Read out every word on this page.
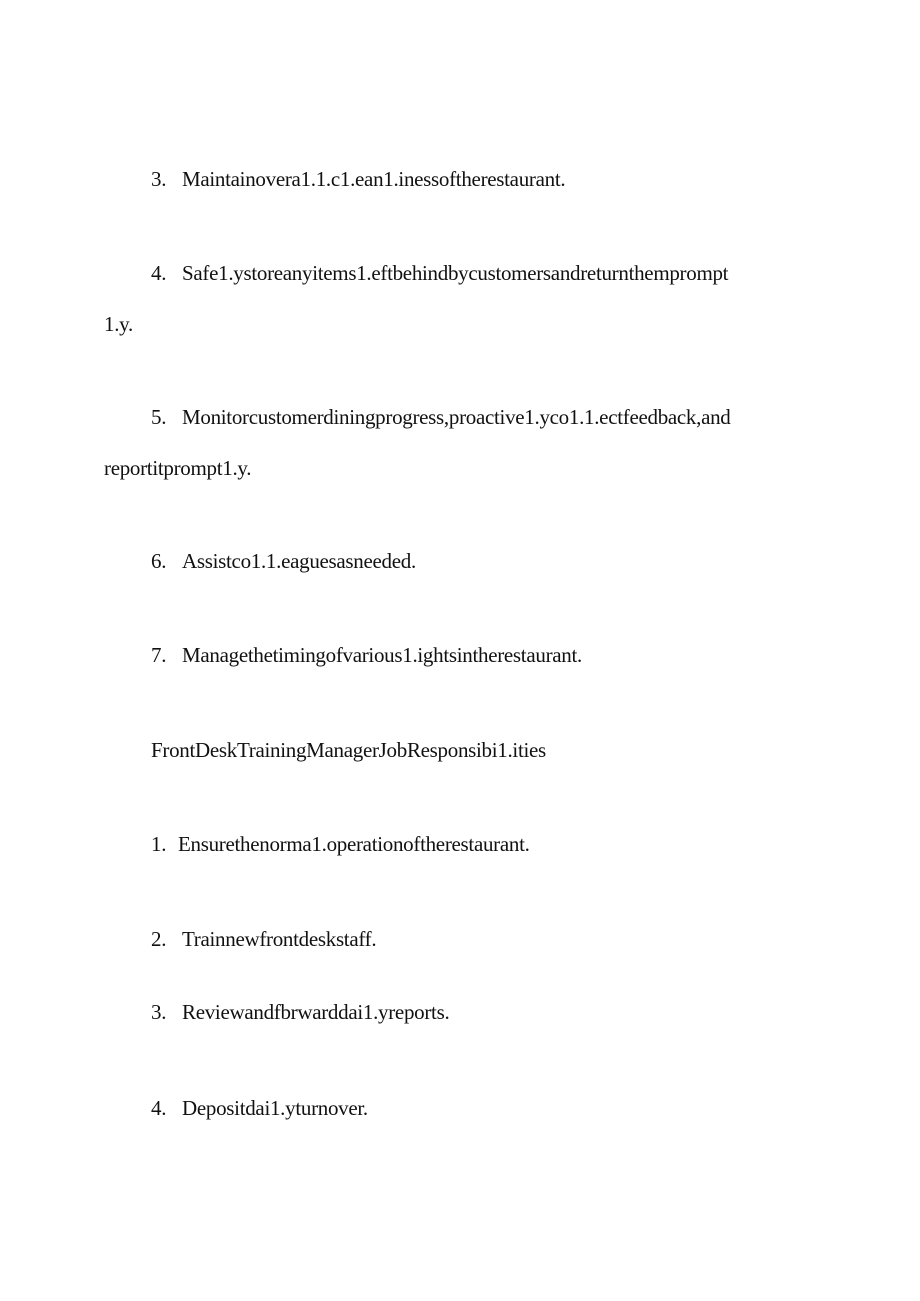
3. Maintainovera1.1.c1.ean1.inessoftherestaurant.
4. Safe1.ystoreanyitems1.eftbehindbycustomersandreturnthemprompt
1.y.
5. Monitorcustomerdiningprogress,proactive1.yco1.1.ectfeedback,and
reportitprompt1.y.
6. Assistco1.1.eaguesasneeded.
7. Managethetimingofvarious1.ightsintherestaurant.
FrontDeskTrainingManagerJobResponsibi1.ities
1. Ensurethenorma1.operationoftherestaurant.
2. Trainnewfrontdeskstaff.
3. Reviewandfbrwarddai1.yreports.
4. Depositdai1.yturnover.
